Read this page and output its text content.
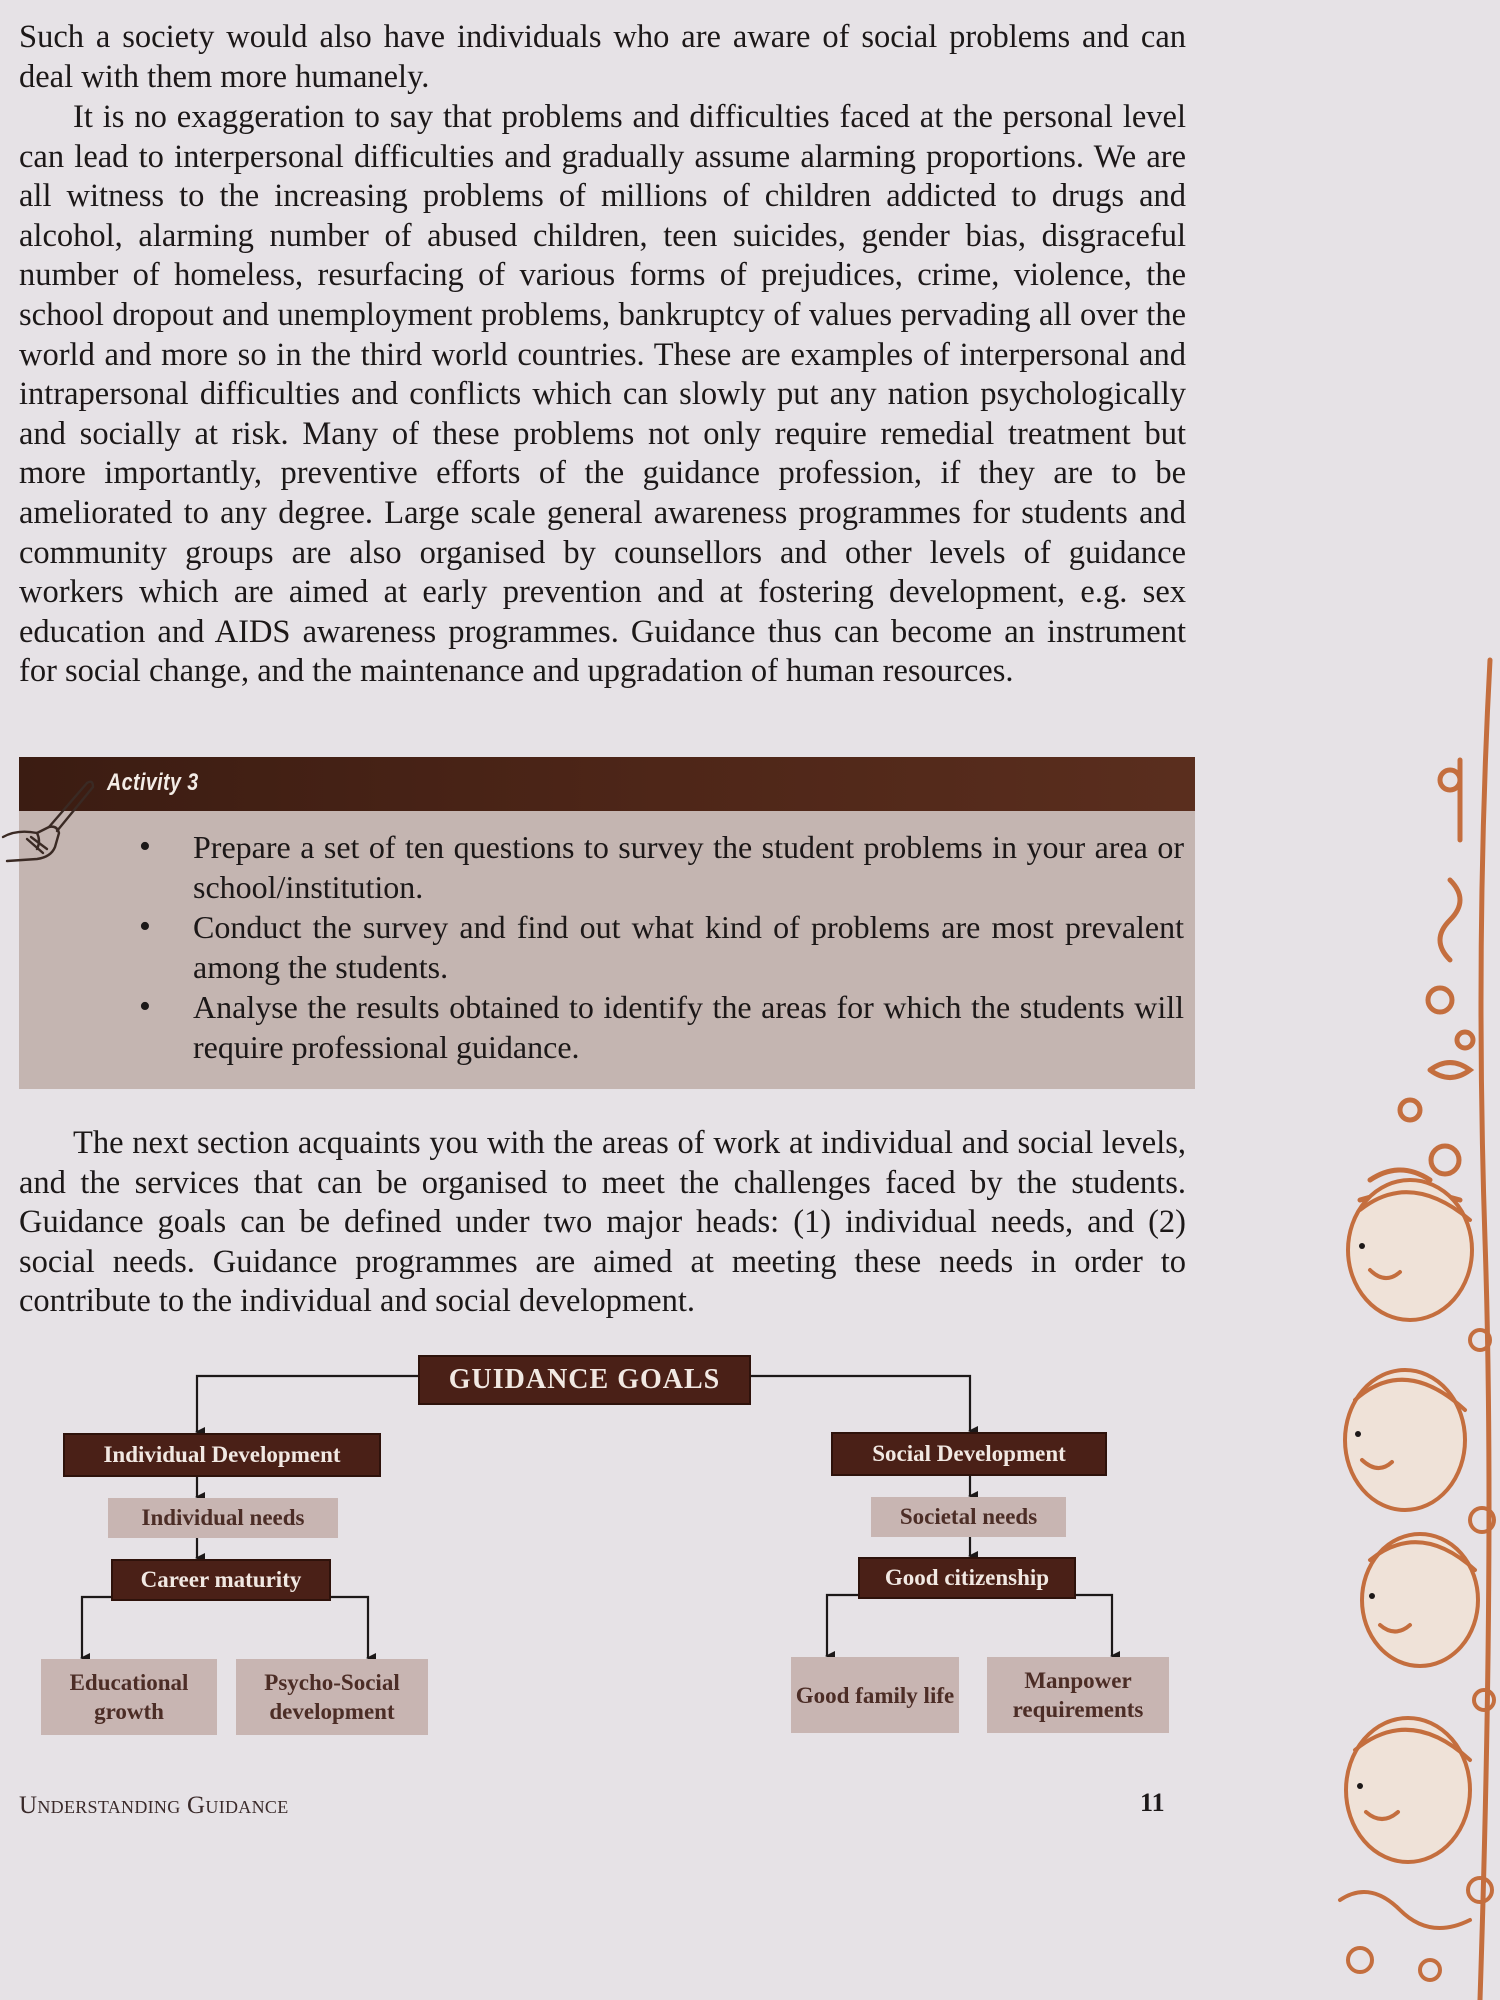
Such a society would also have individuals who are aware of social problems and can deal with them more humanely.

It is no exaggeration to say that problems and difficulties faced at the personal level can lead to interpersonal difficulties and gradually assume alarming proportions. We are all witness to the increasing problems of millions of children addicted to drugs and alcohol, alarming number of abused children, teen suicides, gender bias, disgraceful number of homeless, resurfacing of various forms of prejudices, crime, violence, the school dropout and unemployment problems, bankruptcy of values pervading all over the world and more so in the third world countries. These are examples of interpersonal and intrapersonal difficulties and conflicts which can slowly put any nation psychologically and socially at risk. Many of these problems not only require remedial treatment but more importantly, preventive efforts of the guidance profession, if they are to be ameliorated to any degree. Large scale general awareness programmes for students and community groups are also organised by counsellors and other levels of guidance workers which are aimed at early prevention and at fostering development, e.g. sex education and AIDS awareness programmes. Guidance thus can become an instrument for social change, and the maintenance and upgradation of human resources.

Activity 3
• Prepare a set of ten questions to survey the student problems in your area or school/institution.
• Conduct the survey and find out what kind of problems are most prevalent among the students.
• Analyse the results obtained to identify the areas for which the students will require professional guidance.

The next section acquaints you with the areas of work at individual and social levels, and the services that can be organised to meet the challenges faced by the students. Guidance goals can be defined under two major heads: (1) individual needs, and (2) social needs. Guidance programmes are aimed at meeting these needs in order to contribute to the individual and social development.

GUIDANCE GOALS
Individual Development
Individual needs
Career maturity
Educational growth
Psycho-Social development
Social Development
Societal needs
Good citizenship
Good family life
Manpower requirements
Understanding Guidance	11
